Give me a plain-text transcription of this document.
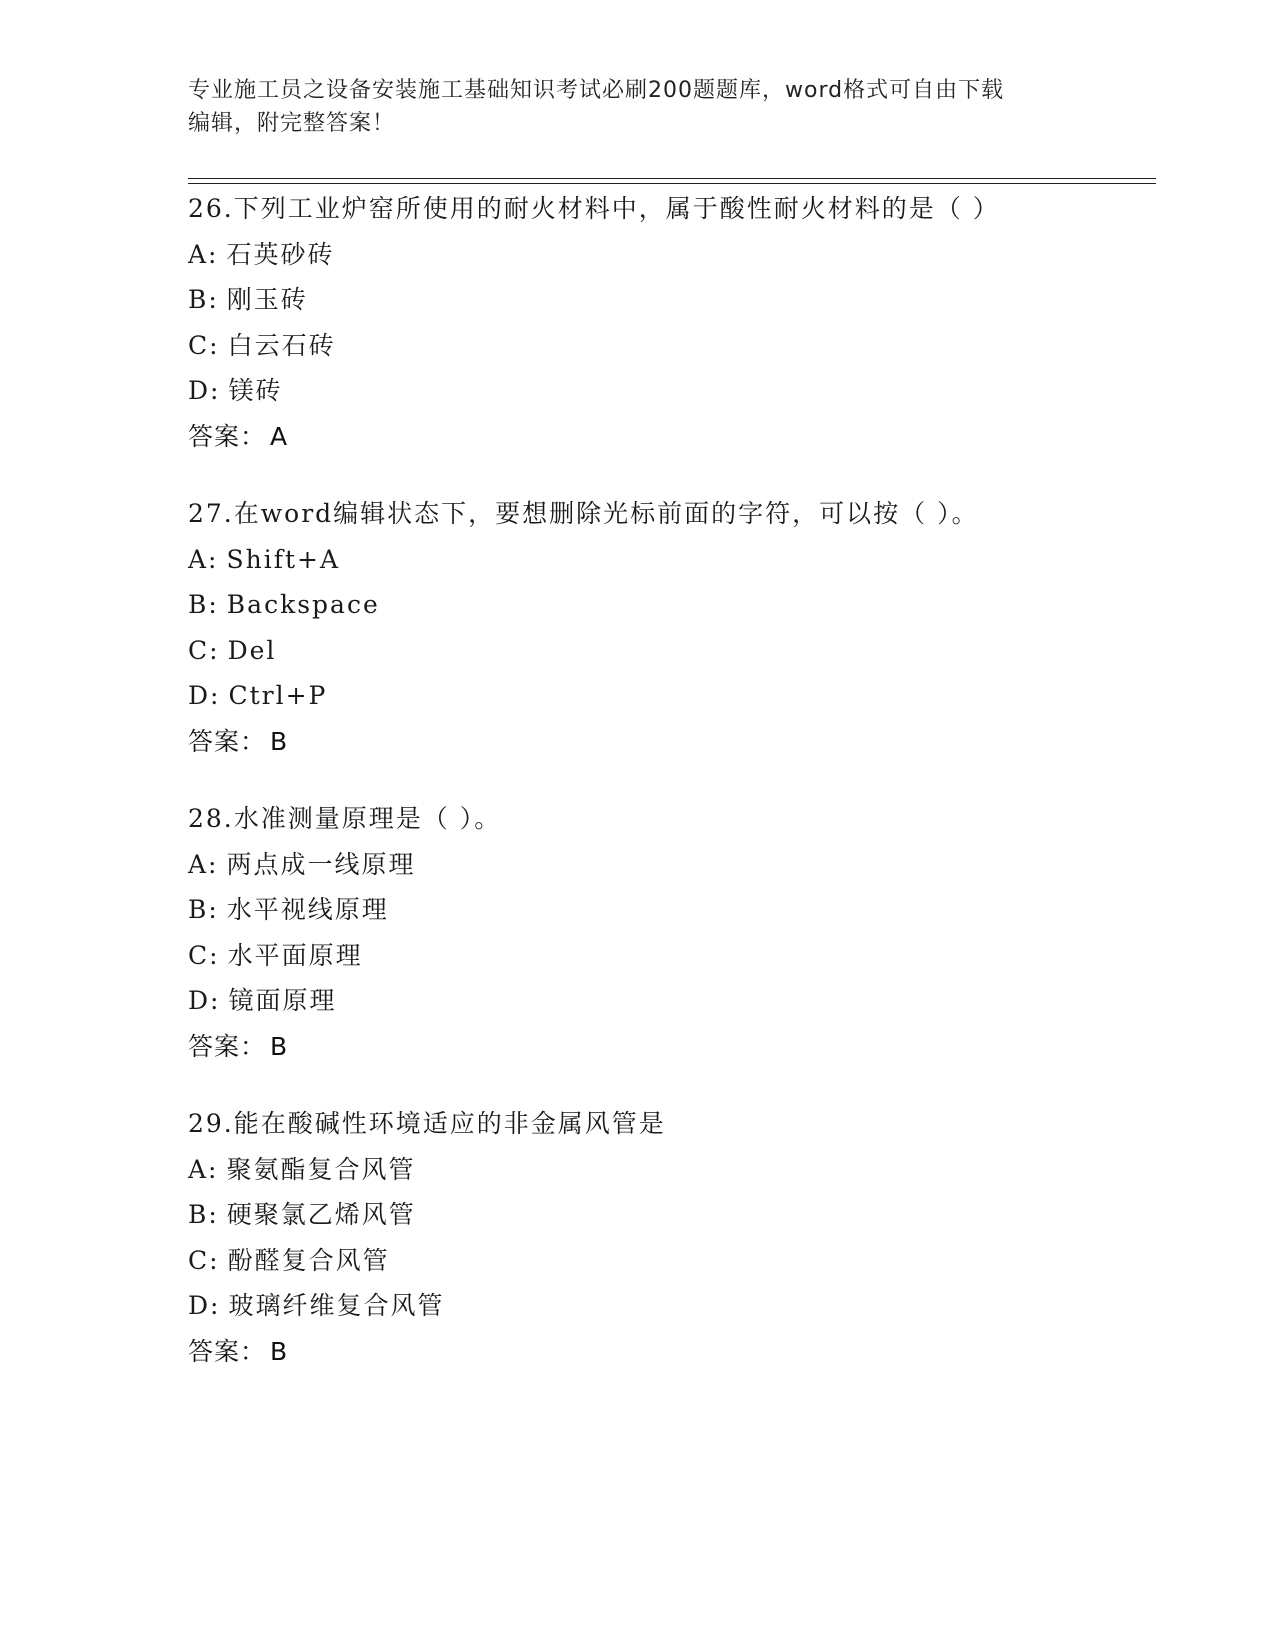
专业施工员之设备安装施工基础知识考试必刷200题题库，word格式可自由下载
编辑，附完整答案！
26.下列工业炉窑所使用的耐火材料中，属于酸性耐火材料的是（ ）
A: 石英砂砖
B: 刚玉砖
C: 白云石砖
D: 镁砖
答案： A
27.在word编辑状态下，要想删除光标前面的字符，可以按（ ）。
A: Shift+A
B: Backspace
C: Del
D: Ctrl+P
答案： B
28.水准测量原理是（ ）。
A: 两点成一线原理
B: 水平视线原理
C: 水平面原理
D: 镜面原理
答案： B
29.能在酸碱性环境适应的非金属风管是
A: 聚氨酯复合风管
B: 硬聚氯乙烯风管
C: 酚醛复合风管
D: 玻璃纤维复合风管
答案： B
